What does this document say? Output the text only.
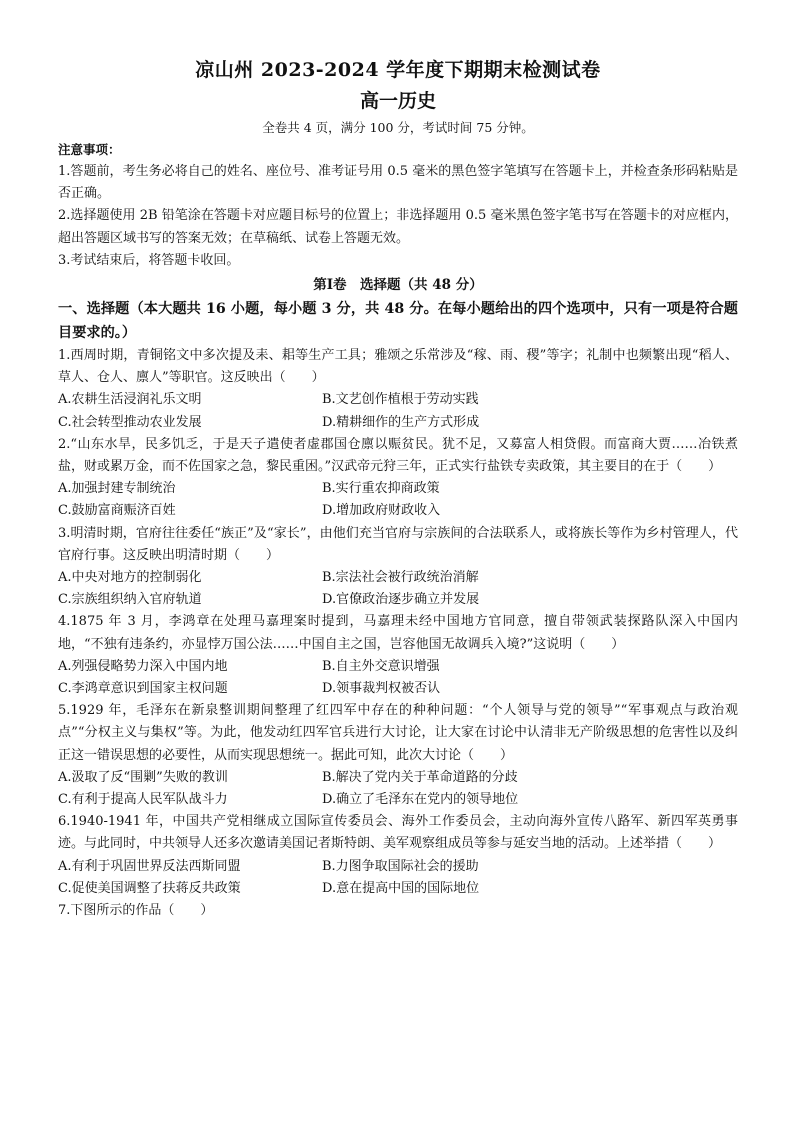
凉山州 2023-2024 学年度下期期末检测试卷
高一历史
全卷共 4 页，满分 100 分，考试时间 75 分钟。
注意事项：
1.答题前，考生务必将自己的姓名、座位号、准考证号用 0.5 毫米的黑色签字笔填写在答题卡上，并检查条形码粘贴是否正确。
2.选择题使用 2B 铅笔涂在答题卡对应题目标号的位置上；非选择题用 0.5 毫米黑色签字笔书写在答题卡的对应框内，超出答题区域书写的答案无效；在草稿纸、试卷上答题无效。
3.考试结束后，将答题卡收回。
第Ⅰ卷　选择题（共 48 分）
一、选择题（本大题共 16 小题，每小题 3 分，共 48 分。在每小题给出的四个选项中，只有一项是符合题目要求的。）
1.西周时期，青铜铭文中多次提及耒、耜等生产工具；雅颂之乐常涉及“稼、雨、稷”等字；礼制中也频繁出现“稻人、草人、仓人、廪人”等职官。这反映出（　　）
A.农耕生活浸润礼乐文明	B.文艺创作植根于劳动实践
C.社会转型推动农业发展	D.精耕细作的生产方式形成
2.“山东水旱，民多饥乏，于是天子遣使者虚郡国仓廪以赈贫民。犹不足，又募富人相贷假。而富商大贾……冶铁煮盐，财或累万金，而不佐国家之急，黎民重困。”汉武帝元狩三年，正式实行盐铁专卖政策，其主要目的在于（　　）
A.加强封建专制统治	B.实行重农抑商政策
C.鼓励富商赈济百姓	D.增加政府财政收入
3.明清时期，官府往往委任“族正”及“家长”，由他们充当官府与宗族间的合法联系人，或将族长等作为乡村管理人，代官府行事。这反映出明清时期（　　）
A.中央对地方的控制弱化	B.宗法社会被行政统治消解
C.宗族组织纳入官府轨道	D.官僚政治逐步确立并发展
4.1875 年 3 月，李鸿章在处理马嘉理案时提到，马嘉理未经中国地方官同意，擅自带领武装探路队深入中国内地，“不独有违条约，亦显悖万国公法……中国自主之国，岂容他国无故调兵入境?”这说明（　　）
A.列强侵略势力深入中国内地	B.自主外交意识增强
C.李鸿章意识到国家主权问题	D.领事裁判权被否认
5.1929 年，毛泽东在新泉整训期间整理了红四军中存在的种种问题：“个人领导与党的领导”“军事观点与政治观点”“分权主义与集权”等。为此，他发动红四军官兵进行大讨论，让大家在讨论中认清非无产阶级思想的危害性以及纠正这一错误思想的必要性，从而实现思想统一。据此可知，此次大讨论（　　）
A.汲取了反“围剿”失败的教训	B.解决了党内关于革命道路的分歧
C.有利于提高人民军队战斗力	D.确立了毛泽东在党内的领导地位
6.1940-1941 年，中国共产党相继成立国际宣传委员会、海外工作委员会，主动向海外宣传八路军、新四军英勇事迹。与此同时，中共领导人还多次邀请美国记者斯特朗、美军观察组成员等参与延安当地的活动。上述举措（　　）
A.有利于巩固世界反法西斯同盟	B.力图争取国际社会的援助
C.促使美国调整了扶蒋反共政策	D.意在提高中国的国际地位
7.下图所示的作品（　　）
